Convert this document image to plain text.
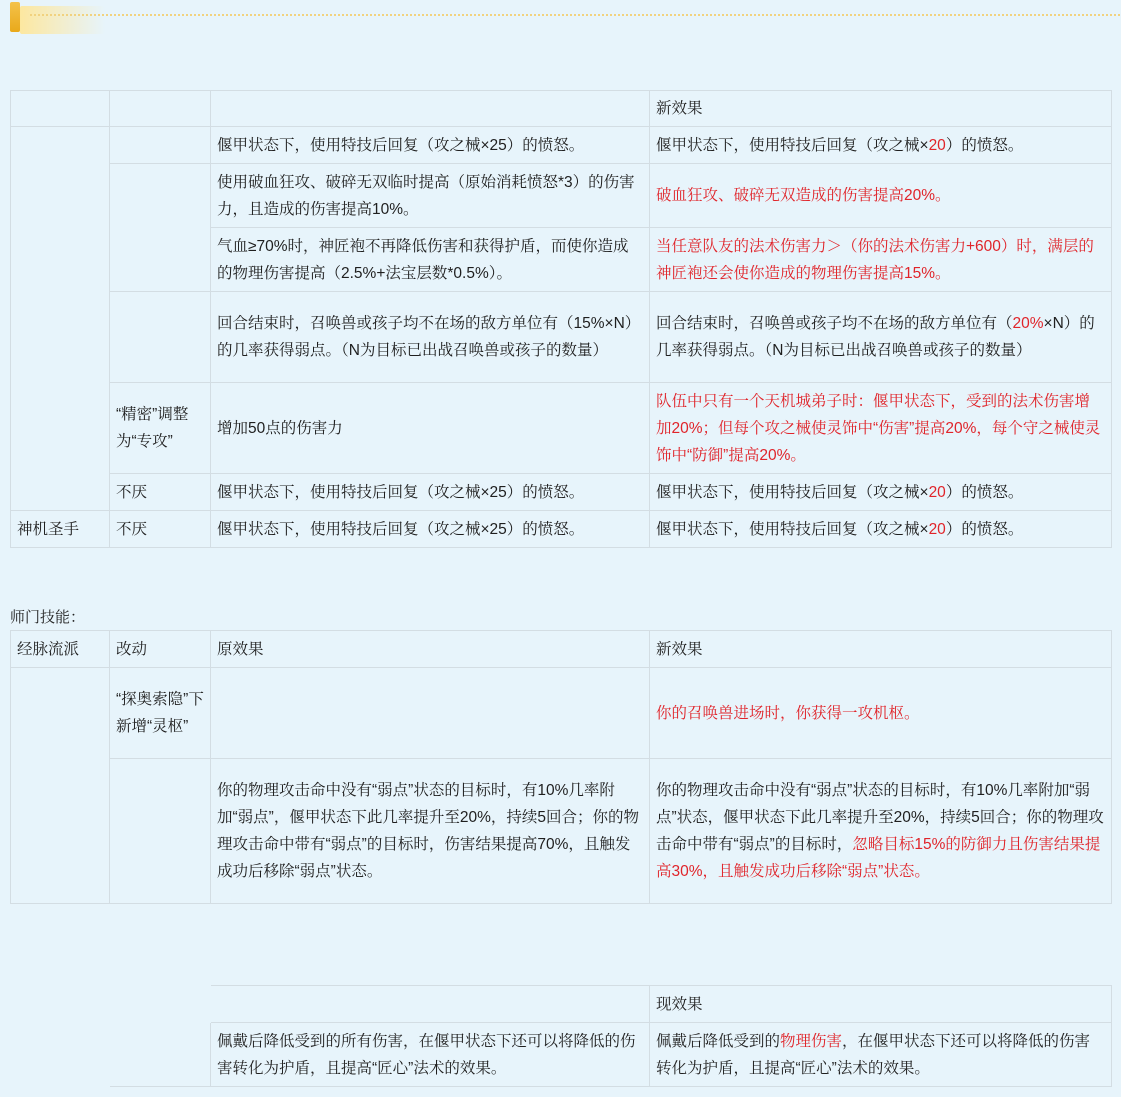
			新效果
		偃甲状态下，使用特技后回复（攻之械×25）的愤怒。	偃甲状态下，使用特技后回复（攻之械×20）的愤怒。
		使用破血狂攻、破碎无双临时提高（原始消耗愤怒*3）的伤害力，且造成的伤害提高10%。	破血狂攻、破碎无双造成的伤害提高20%。
		气血≥70%时，神匠袍不再降低伤害和获得护盾，而使你造成的物理伤害提高（2.5%+法宝层数*0.5%）。	当任意队友的法术伤害力＞（你的法术伤害力+600）时，满层的神匠袍还会使你造成的物理伤害提高15%。
		回合结束时，召唤兽或孩子均不在场的敌方单位有（15%×N）的几率获得弱点。（N为目标已出战召唤兽或孩子的数量）	回合结束时，召唤兽或孩子均不在场的敌方单位有（20%×N）的几率获得弱点。（N为目标已出战召唤兽或孩子的数量）
	“精密”调整为“专攻”	增加50点的伤害力	队伍中只有一个天机城弟子时：偃甲状态下，受到的法术伤害增加20%；但每个攻之械使灵饰中“伤害”提高20%，每个守之械使灵饰中“防御”提高20%。
	不厌	偃甲状态下，使用特技后回复（攻之械×25）的愤怒。	偃甲状态下，使用特技后回复（攻之械×20）的愤怒。
神机圣手	不厌	偃甲状态下，使用特技后回复（攻之械×25）的愤怒。	偃甲状态下，使用特技后回复（攻之械×20）的愤怒。
师门技能：
经脉流派	改动	原效果	新效果
	“探奥索隐”下新增“灵枢”		你的召唤兽进场时，你获得一攻机枢。
		你的物理攻击命中没有“弱点”状态的目标时，有10%几率附加“弱点”，偃甲状态下此几率提升至20%，持续5回合；你的物理攻击命中带有“弱点”的目标时，伤害结果提高70%，且触发成功后移除“弱点”状态。	你的物理攻击命中没有“弱点”状态的目标时，有10%几率附加“弱点”状态，偃甲状态下此几率提升至20%，持续5回合；你的物理攻击命中带有“弱点”的目标时，忽略目标15%的防御力且伤害结果提高30%，且触发成功后移除“弱点”状态。
			现效果
		佩戴后降低受到的所有伤害，在偃甲状态下还可以将降低的伤害转化为护盾，且提高“匠心”法术的效果。	佩戴后降低受到的物理伤害，在偃甲状态下还可以将降低的伤害转化为护盾，且提高“匠心”法术的效果。
